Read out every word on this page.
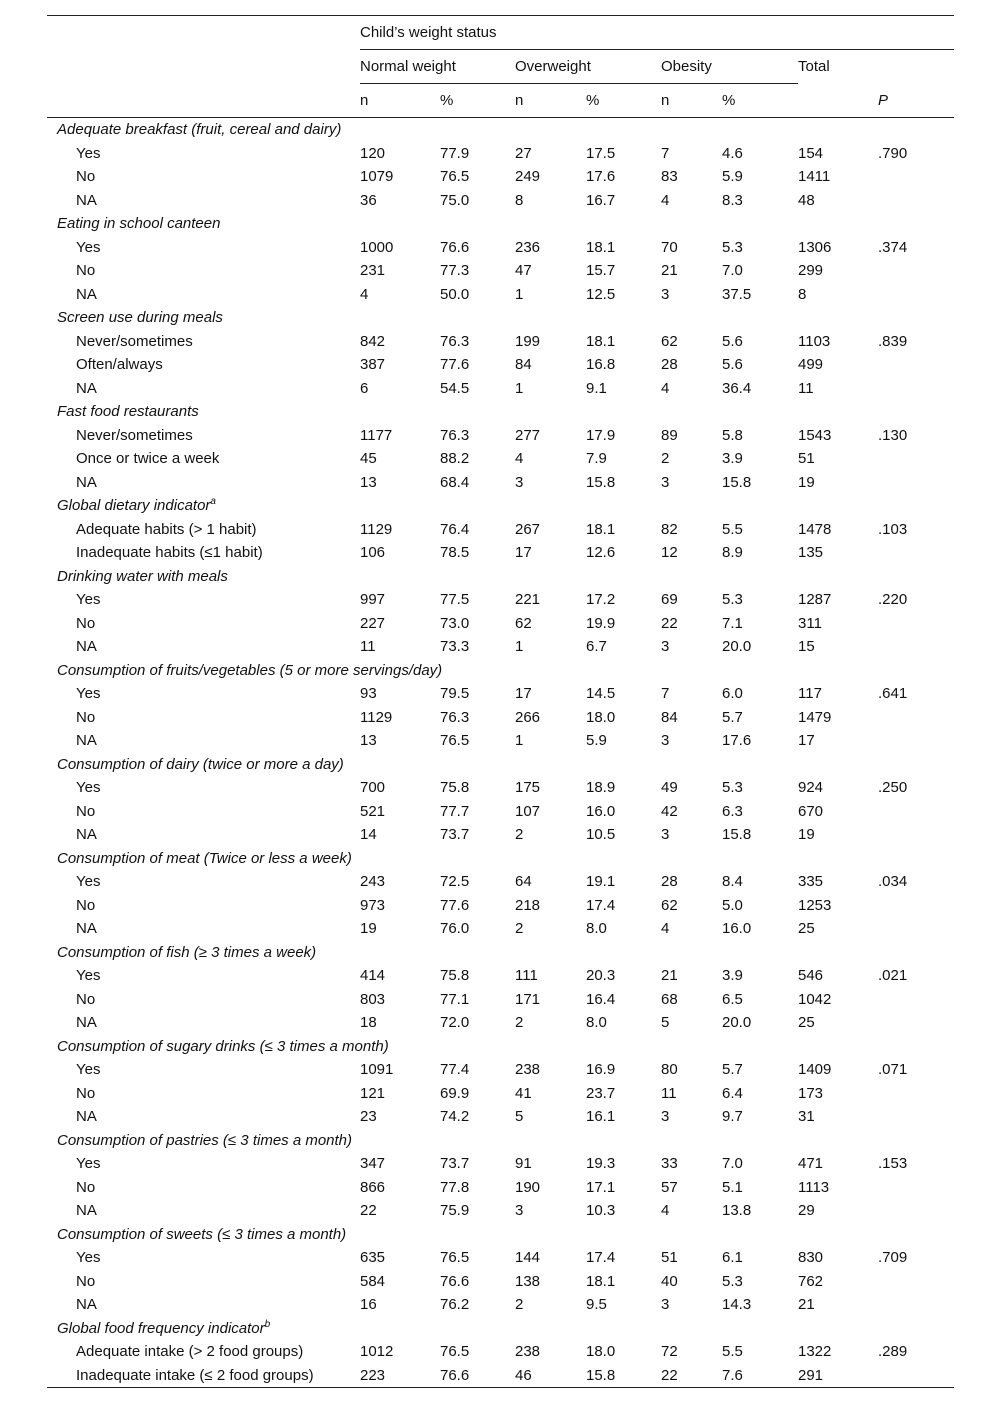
	Child’s weight status							
	Normal weight		Overweight		Obesity		Total	
	n	%	n	%	n	%		P
Adequate breakfast (fruit, cereal and dairy)								
Yes	120	77.9	27	17.5	7	4.6	154	.790
No	1079	76.5	249	17.6	83	5.9	1411	
NA	36	75.0	8	16.7	4	8.3	48	
Eating in school canteen								
Yes	1000	76.6	236	18.1	70	5.3	1306	.374
No	231	77.3	47	15.7	21	7.0	299	
NA	4	50.0	1	12.5	3	37.5	8	
Screen use during meals								
Never/sometimes	842	76.3	199	18.1	62	5.6	1103	.839
Often/always	387	77.6	84	16.8	28	5.6	499	
NA	6	54.5	1	9.1	4	36.4	11	
Fast food restaurants								
Never/sometimes	1177	76.3	277	17.9	89	5.8	1543	.130
Once or twice a week	45	88.2	4	7.9	2	3.9	51	
NA	13	68.4	3	15.8	3	15.8	19	
Global dietary indicator$^a$
Adequate habits (> 1 habit)	1129	76.4	267	18.1	82	5.5	1478	.103
Inadequate habits (≤1 habit)	106	78.5	17	12.6	12	8.9	135	
Drinking water with meals								
Yes	997	77.5	221	17.2	69	5.3	1287	.220
No	227	73.0	62	19.9	22	7.1	311	
NA	11	73.3	1	6.7	3	20.0	15	
Consumption of fruits/vegetables (5 or more servings/day)								
Yes	93	79.5	17	14.5	7	6.0	117	.641
No	1129	76.3	266	18.0	84	5.7	1479	
NA	13	76.5	1	5.9	3	17.6	17	
Consumption of dairy (twice or more a day)								
Yes	700	75.8	175	18.9	49	5.3	924	.250
No	521	77.7	107	16.0	42	6.3	670	
NA	14	73.7	2	10.5	3	15.8	19	
Consumption of meat (Twice or less a week)								
Yes	243	72.5	64	19.1	28	8.4	335	.034
No	973	77.6	218	17.4	62	5.0	1253	
NA	19	76.0	2	8.0	4	16.0	25	
Consumption of fish (≥ 3 times a week)								
Yes	414	75.8	111	20.3	21	3.9	546	.021
No	803	77.1	171	16.4	68	6.5	1042	
NA	18	72.0	2	8.0	5	20.0	25	
Consumption of sugary drinks (≤ 3 times a month)								
Yes	1091	77.4	238	16.9	80	5.7	1409	.071
No	121	69.9	41	23.7	11	6.4	173	
NA	23	74.2	5	16.1	3	9.7	31	
Consumption of pastries (≤ 3 times a month)								
Yes	347	73.7	91	19.3	33	7.0	471	.153
No	866	77.8	190	17.1	57	5.1	1113	
NA	22	75.9	3	10.3	4	13.8	29	
Consumption of sweets (≤ 3 times a month)								
Yes	635	76.5	144	17.4	51	6.1	830	.709
No	584	76.6	138	18.1	40	5.3	762	
NA	16	76.2	2	9.5	3	14.3	21	
Global food frequency indicator$^b$
Adequate intake (> 2 food groups)	1012	76.5	238	18.0	72	5.5	1322	.289
Inadequate intake (≤ 2 food groups)	223	76.6	46	15.8	22	7.6	291	
